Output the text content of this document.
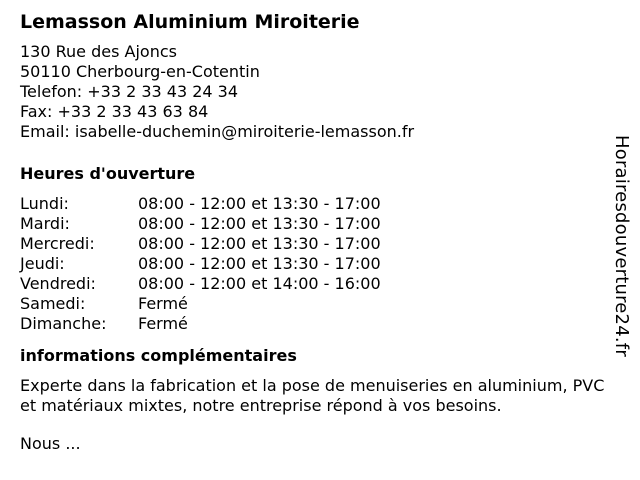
Lemasson Aluminium Miroiterie
130 Rue des Ajoncs
50110 Cherbourg-en-Cotentin
Telefon: +33 2 33 43 24 34
Fax: +33 2 33 43 63 84
Email: isabelle-duchemin@miroiterie-lemasson.fr
Heures d'ouverture
Lundi:	08:00 - 12:00 et 13:30 - 17:00
Mardi:	08:00 - 12:00 et 13:30 - 17:00
Mercredi:	08:00 - 12:00 et 13:30 - 17:00
Jeudi:	08:00 - 12:00 et 13:30 - 17:00
Vendredi:	08:00 - 12:00 et 14:00 - 16:00
Samedi:	Fermé
Dimanche:	Fermé
informations complémentaires

Experte dans la fabrication et la pose de menuiseries en aluminium, PVC et matériaux mixtes, notre entreprise répond à vos besoins.

Nous ...

Horairesdouverture24.fr
